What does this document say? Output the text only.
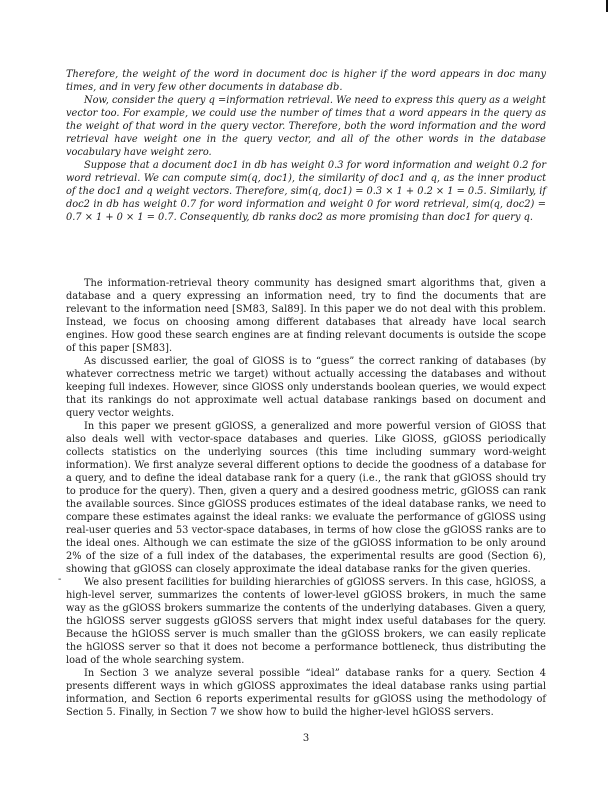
Therefore, the weight of the word in document doc is higher if the word appears in doc many times, and in very few other documents in database db.

Now, consider the query q =information retrieval. We need to express this query as a weight vector too. For example, we could use the number of times that a word appears in the query as the weight of that word in the query vector. Therefore, both the word information and the word retrieval have weight one in the query vector, and all of the other words in the database vocabulary have weight zero.

Suppose that a document doc1 in db has weight 0.3 for word information and weight 0.2 for word retrieval. We can compute sim(q, doc1), the similarity of doc1 and q, as the inner product of the doc1 and q weight vectors. Therefore, sim(q, doc1) = 0.3 × 1 + 0.2 × 1 = 0.5. Similarly, if doc2 in db has weight 0.7 for word information and weight 0 for word retrieval, sim(q, doc2) = 0.7 × 1 + 0 × 1 = 0.7. Consequently, db ranks doc2 as more promising than doc1 for query q.

The information-retrieval theory community has designed smart algorithms that, given a database and a query expressing an information need, try to find the documents that are relevant to the information need [SM83, Sal89]. In this paper we do not deal with this problem. Instead, we focus on choosing among different databases that already have local search engines. How good these search engines are at finding relevant documents is outside the scope of this paper [SM83].

As discussed earlier, the goal of GlOSS is to “guess” the correct ranking of databases (by whatever correctness metric we target) without actually accessing the databases and without keeping full indexes. However, since GlOSS only understands boolean queries, we would expect that its rankings do not approximate well actual database rankings based on document and query vector weights.

In this paper we present gGlOSS, a generalized and more powerful version of GlOSS that also deals well with vector-space databases and queries. Like GlOSS, gGlOSS periodically collects statistics on the underlying sources (this time including summary word-weight information). We first analyze several different options to decide the goodness of a database for a query, and to define the ideal database rank for a query (i.e., the rank that gGlOSS should try to produce for the query). Then, given a query and a desired goodness metric, gGlOSS can rank the available sources. Since gGlOSS produces estimates of the ideal database ranks, we need to compare these estimates against the ideal ranks: we evaluate the performance of gGlOSS using real-user queries and 53 vector-space databases, in terms of how close the gGlOSS ranks are to the ideal ones. Although we can estimate the size of the gGlOSS information to be only around 2% of the size of a full index of the databases, the experimental results are good (Section 6), showing that gGlOSS can closely approximate the ideal database ranks for the given queries.

We also present facilities for building hierarchies of gGlOSS servers. In this case, hGlOSS, a high-level server, summarizes the contents of lower-level gGlOSS brokers, in much the same way as the gGlOSS brokers summarize the contents of the underlying databases. Given a query, the hGlOSS server suggests gGlOSS servers that might index useful databases for the query. Because the hGlOSS server is much smaller than the gGlOSS brokers, we can easily replicate the hGlOSS server so that it does not become a performance bottleneck, thus distributing the load of the whole searching system.

In Section 3 we analyze several possible “ideal” database ranks for a query. Section 4 presents different ways in which gGlOSS approximates the ideal database ranks using partial information, and Section 6 reports experimental results for gGlOSS using the methodology of Section 5. Finally, in Section 7 we show how to build the higher-level hGlOSS servers.

-
3
